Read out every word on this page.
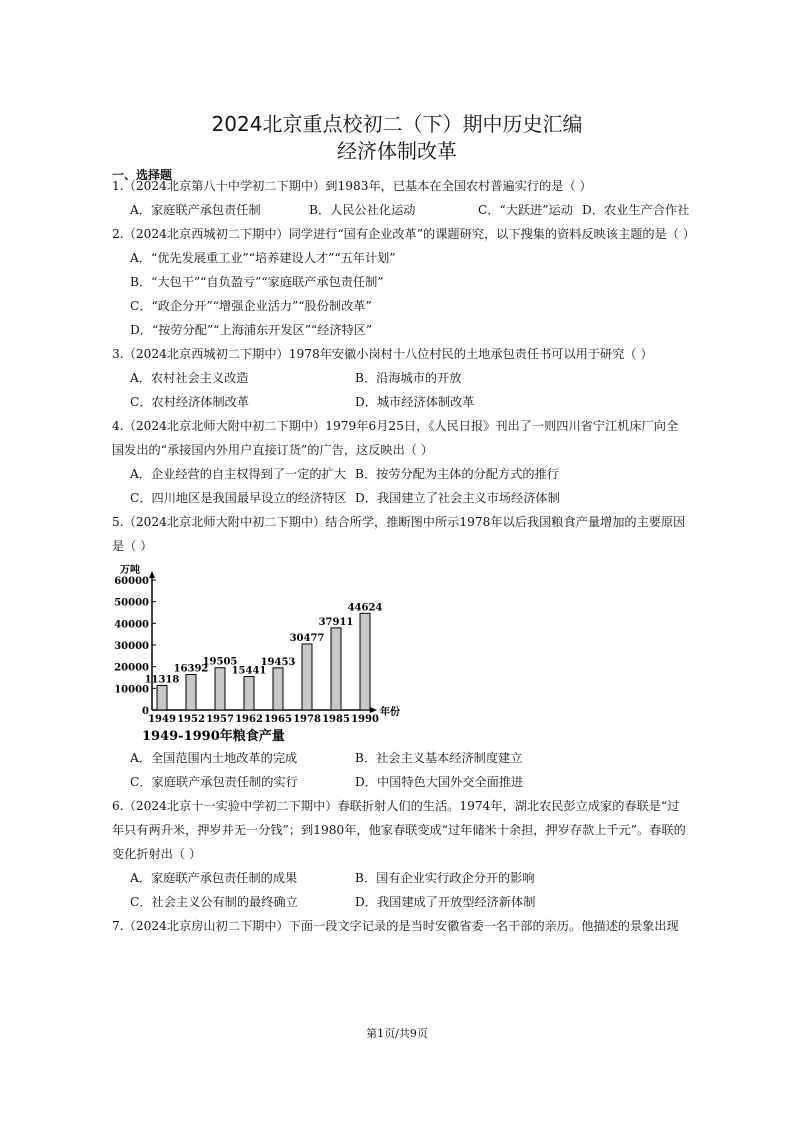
2024北京重点校初二（下）期中历史汇编
经济体制改革
一、选择题
1.（2024北京第八十中学初二下期中）到1983年，已基本在全国农村普遍实行的是（ ）
A．家庭联产承包责任制	B．人民公社化运动	C．“大跃进”运动 D．农业生产合作社
2.（2024北京西城初二下期中）同学进行“国有企业改革”的课题研究，以下搜集的资料反映该主题的是（ ）
A．“优先发展重工业”“培养建设人才”“五年计划”
B．“大包干”“自负盈亏”“家庭联产承包责任制”
C．“政企分开”“增强企业活力”“股份制改革”
D．“按劳分配”“上海浦东开发区”“经济特区”
3.（2024北京西城初二下期中）1978年安徽小岗村十八位村民的土地承包责任书可以用于研究（ ）
A．农村社会主义改造	B．沿海城市的开放
C．农村经济体制改革	D．城市经济体制改革
4.（2024北京北师大附中初二下期中）1979年6月25日，《人民日报》刊出了一则四川省宁江机床厂向全
国发出的“承接国内外用户直接订货”的广告，这反映出（ ）
A．企业经营的自主权得到了一定的扩大 B．按劳分配为主体的分配方式的推行
C．四川地区是我国最早设立的经济特区 D．我国建立了社会主义市场经济体制
5.（2024北京北师大附中初二下期中）结合所学，推断图中所示1978年以后我国粮食产量增加的主要原因
是（ ）
万吨
0
10000
20000
30000
40000
50000
60000
年份
11318
1949
16392
1952
19505
1957
15441
1962
19453
1965
30477
1978
37911
1985
44624
1990
1949-1990年粮食产量
A．全国范围内土地改革的完成	B．社会主义基本经济制度建立
C．家庭联产承包责任制的实行	D．中国特色大国外交全面推进
6.（2024北京十一实验中学初二下期中）春联折射人们的生活。1974年，湖北农民彭立成家的春联是“过
年只有两升米，押岁并无一分钱”；到1980年，他家春联变成“过年储米十余担，押岁存款上千元”。春联的
变化折射出（ ）
A．家庭联产承包责任制的成果	B．国有企业实行政企分开的影响
C．社会主义公有制的最终确立	D．我国建成了开放型经济新体制
7.（2024北京房山初二下期中）下面一段文字记录的是当时安徽省委一名干部的亲历。他描述的景象出现
第1页/共9页
